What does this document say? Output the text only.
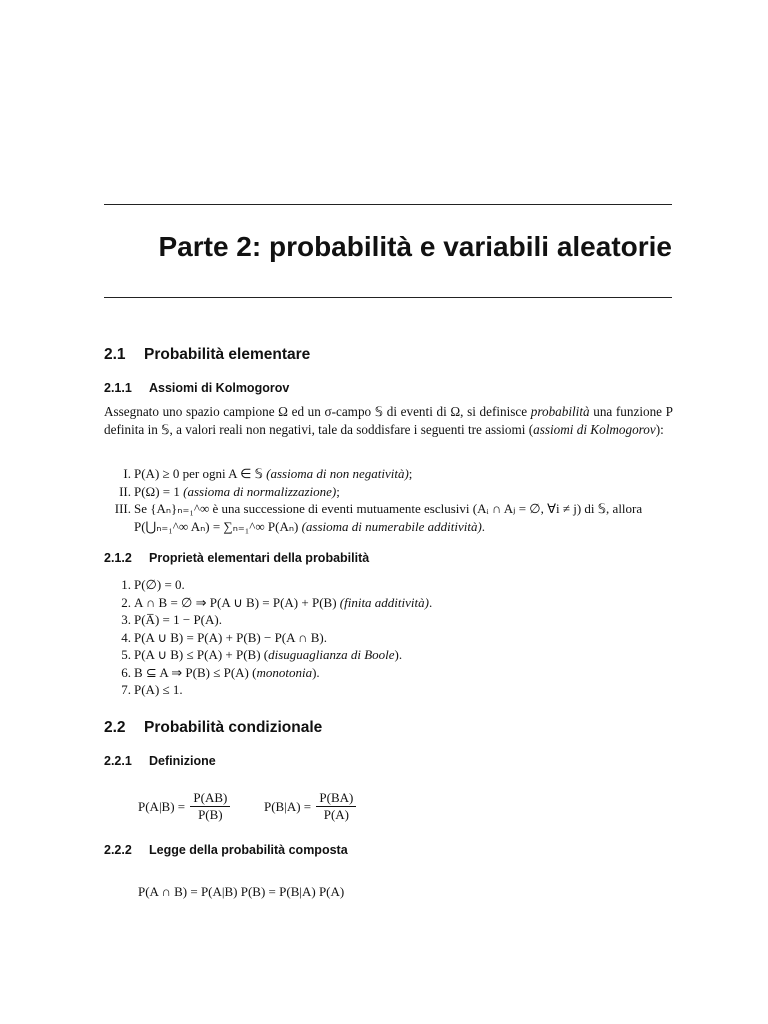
Parte 2: probabilità e variabili aleatorie
2.1 Probabilità elementare
2.1.1 Assiomi di Kolmogorov
Assegnato uno spazio campione Ω ed un σ-campo 𝕊 di eventi di Ω, si definisce probabilità una funzione P definita in 𝕊, a valori reali non negativi, tale da soddisfare i seguenti tre assiomi (assiomi di Kolmogorov):
I. P(A) ≥ 0 per ogni A ∈ 𝕊 (assioma di non negatività);
II. P(Ω) = 1 (assioma di normalizzazione);
III. Se {Aₙ}ₙ₌₁^∞ è una successione di eventi mutuamente esclusivi (Aᵢ ∩ Aⱼ = ∅, ∀i ≠ j) di 𝕊, allora P(⋃ₙ₌₁^∞ Aₙ) = ∑ₙ₌₁^∞ P(Aₙ) (assioma di numerabile additività).
2.1.2 Proprietà elementari della probabilità
1. P(∅) = 0.
2. A ∩ B = ∅ ⇒ P(A ∪ B) = P(A) + P(B) (finita additività).
3. P(A̅) = 1 − P(A).
4. P(A ∪ B) = P(A) + P(B) − P(A ∩ B).
5. P(A ∪ B) ≤ P(A) + P(B) (disuguaglianza di Boole).
6. B ⊆ A ⇒ P(B) ≤ P(A) (monotonia).
7. P(A) ≤ 1.
2.2 Probabilità condizionale
2.2.1 Definizione
$P(A|B) = \frac{P(AB)}{P(B)}$	$P(B|A) = \frac{P(BA)}{P(A)}$
2.2.2 Legge della probabilità composta
P(A ∩ B) = P(A|B) P(B) = P(B|A) P(A)
